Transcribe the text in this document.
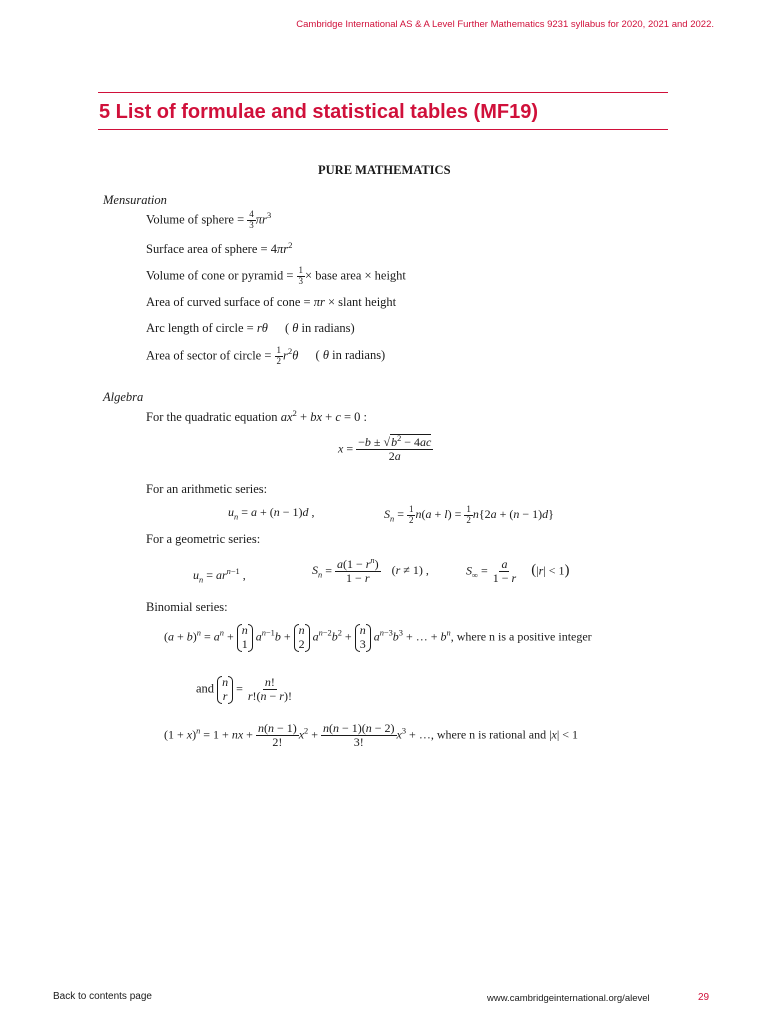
Cambridge International AS & A Level Further Mathematics 9231 syllabus for 2020, 2021 and 2022.
5 List of formulae and statistical tables (MF19)
PURE MATHEMATICS
Mensuration
Volume of sphere = $\frac{4}{3} \pi r^3$
Surface area of sphere = $4\pi r^2$
Volume of cone or pyramid = $\frac{1}{3}$ × base area × height
Area of curved surface of cone = πr × slant height
Arc length of circle = rθ ( θ in radians)
Area of sector of circle = $\frac{1}{2} r^2\theta$ ( θ in radians)
Algebra
For the quadratic equation $ax^2$ + bx + c = 0 :
$x = \frac{-b \pm √b^2 - 4ac}{2a}$
For an arithmetic series:
$u_n = a + (n - 1)d$ ,	$S_n = \frac{1}{2} n(a + l) = \frac{1}{2} n\{2a + (n - 1)d\}$
For a geometric series:
$u_n = ar^{n-1}$ ,	$S_n = \frac{a(1 - r^n)}{1 - r} (r \ne 1)$ ,	$S_\infty = \frac{a}{1 - r} (|r| < 1)$
Binomial series:
$(a + b)^n = a^n + n$
1
$a^{n-1}b + n$
2
$a^{n-2}b^2 + n$
3
$a^{n-3}b^3$ + … + $b^n$, where n is a positive integer
and n
r
= $\frac{n!}{r!(n - r)!}$
$(1 + x)^n = 1$ + nx + $\frac{n(n - 1)}{2!} x^2 + \frac{n(n - 1)(n - 2)}{3!} x^3$ + …, where n is rational and |x| < 1
Back to contents page	www.cambridgeinternational.org/alevel	29
